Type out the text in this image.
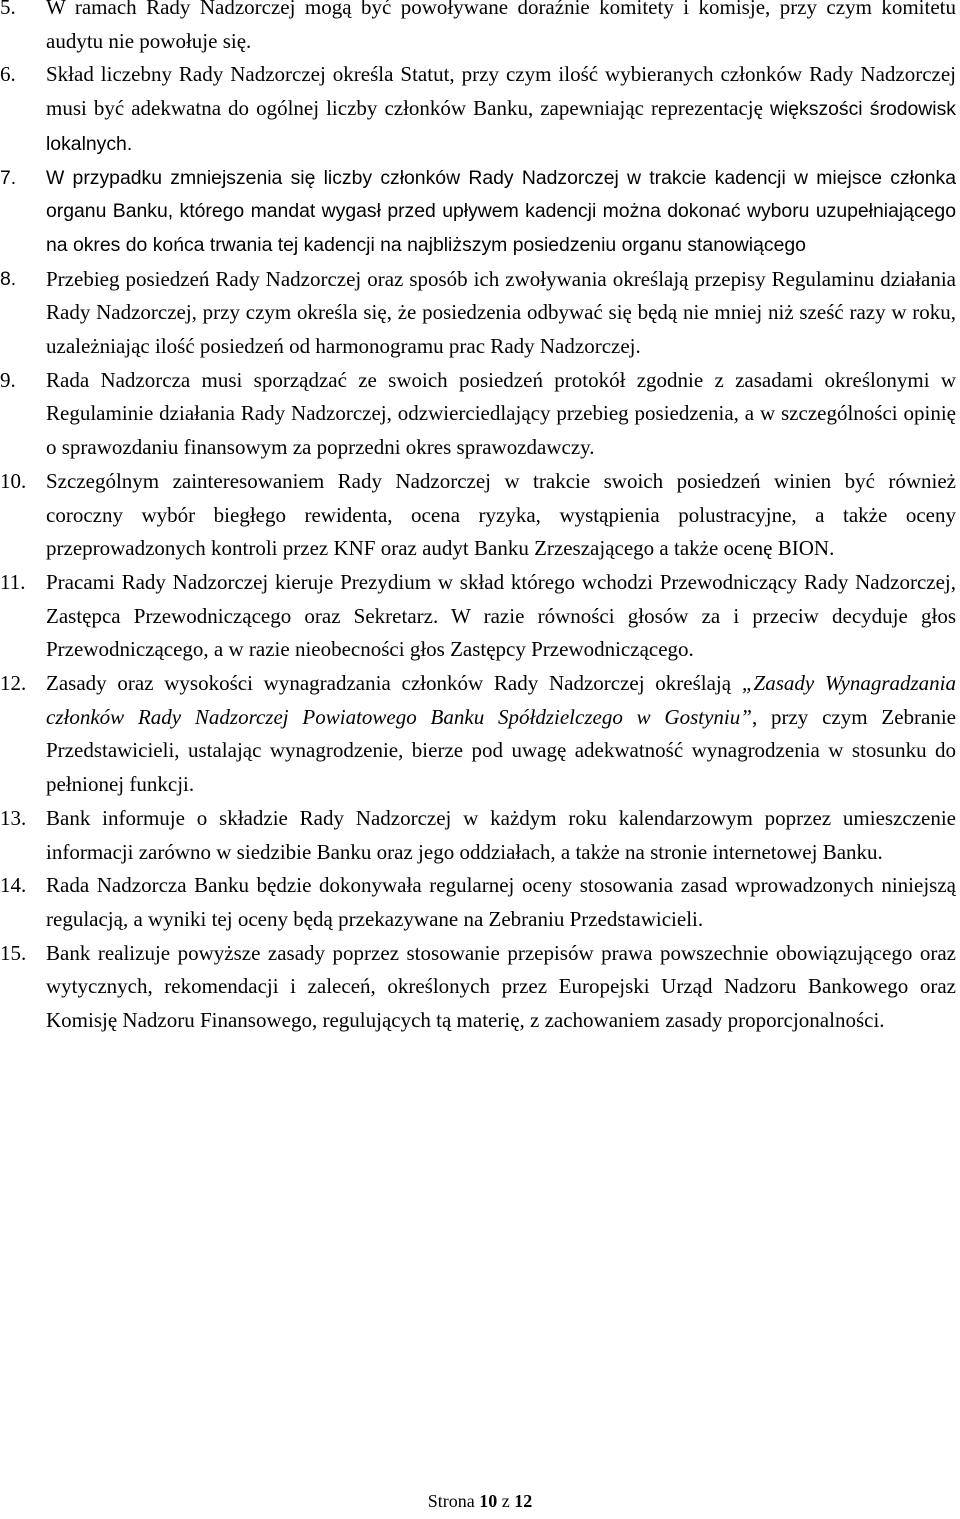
5. W ramach Rady Nadzorczej mogą być powoływane doraźnie komitety i komisje, przy czym komitetu audytu nie powołuje się.
6. Skład liczebny Rady Nadzorczej określa Statut, przy czym ilość wybieranych członków Rady Nadzorczej musi być adekwatna do ogólnej liczby członków Banku, zapewniając reprezentację większości środowisk lokalnych.
7. W przypadku zmniejszenia się liczby członków Rady Nadzorczej w trakcie kadencji w miejsce członka organu Banku, którego mandat wygasł przed upływem kadencji można dokonać wyboru uzupełniającego na okres do końca trwania tej kadencji na najbliższym posiedzeniu organu stanowiącego
8. Przebieg posiedzeń Rady Nadzorczej oraz sposób ich zwoływania określają przepisy Regulaminu działania Rady Nadzorczej, przy czym określa się, że posiedzenia odbywać się będą nie mniej niż sześć razy w roku, uzależniając ilość posiedzeń od harmonogramu prac Rady Nadzorczej.
9. Rada Nadzorcza musi sporządzać ze swoich posiedzeń protokół zgodnie z zasadami określonymi w Regulaminie działania Rady Nadzorczej, odzwierciedlający przebieg posiedzenia, a w szczególności opinię o sprawozdaniu finansowym za poprzedni okres sprawozdawczy.
10. Szczególnym zainteresowaniem Rady Nadzorczej w trakcie swoich posiedzeń winien być również coroczny wybór biegłego rewidenta, ocena ryzyka, wystąpienia polustracyjne, a także oceny przeprowadzonych kontroli przez KNF oraz audyt Banku Zrzeszającego a także ocenę BION.
11. Pracami Rady Nadzorczej kieruje Prezydium w skład którego wchodzi Przewodniczący Rady Nadzorczej, Zastępca Przewodniczącego oraz Sekretarz. W razie równości głosów za i przeciw decyduje głos Przewodniczącego, a w razie nieobecności głos Zastępcy Przewodniczącego.
12. Zasady oraz wysokości wynagradzania członków Rady Nadzorczej określają „Zasady Wynagradzania członków Rady Nadzorczej Powiatowego Banku Spółdzielczego w Gostyniu”, przy czym Zebranie Przedstawicieli, ustalając wynagrodzenie, bierze pod uwagę adekwatność wynagrodzenia w stosunku do pełnionej funkcji.
13. Bank informuje o składzie Rady Nadzorczej w każdym roku kalendarzowym poprzez umieszczenie informacji zarówno w siedzibie Banku oraz jego oddziałach, a także na stronie internetowej Banku.
14. Rada Nadzorcza Banku będzie dokonywała regularnej oceny stosowania zasad wprowadzonych niniejszą regulacją, a wyniki tej oceny będą przekazywane na Zebraniu Przedstawicieli.
15. Bank realizuje powyższe zasady poprzez stosowanie przepisów prawa powszechnie obowiązującego oraz wytycznych, rekomendacji i zaleceń, określonych przez Europejski Urząd Nadzoru Bankowego oraz Komisję Nadzoru Finansowego, regulujących tą materię, z zachowaniem zasady proporcjonalności.
Strona 10 z 12
